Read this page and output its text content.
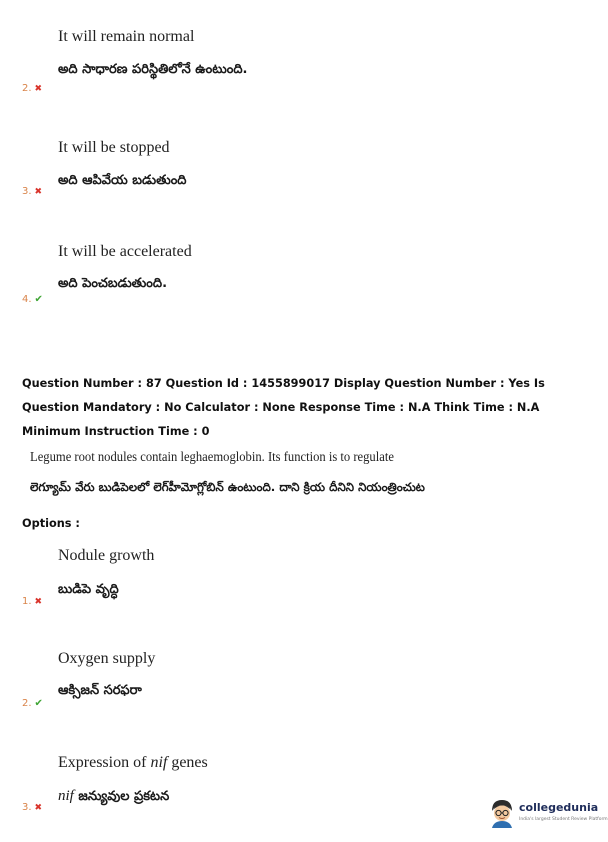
It will remain normal
అది సాధారణ పరిస్థితిలోనే ఉంటుంది.
2. ✖
It will be stopped
అది ఆపివేయ బడుతుంది
3. ✖
It will be accelerated
అది పెంచబడుతుంది.
4. ✔
Question Number : 87 Question Id : 1455899017 Display Question Number : Yes Is Question Mandatory : No Calculator : None Response Time : N.A Think Time : N.A Minimum Instruction Time : 0
Legume root nodules contain leghaemoglobin. Its function is to regulate
లెగ్యూమ్ వేరు బుడిపెలలో లెగ్‌హీమోగ్లోబిన్ ఉంటుంది. దాని క్రియ దీనిని నియంత్రించుట
Options :
Nodule growth
బుడిపె వృద్ధి
1. ✖
Oxygen supply
ఆక్సిజన్ సరఫరా
2. ✔
Expression of nif genes
nif జన్యువుల ప్రకటన
3. ✖	collegedunia
India's largest Student Review Platform
